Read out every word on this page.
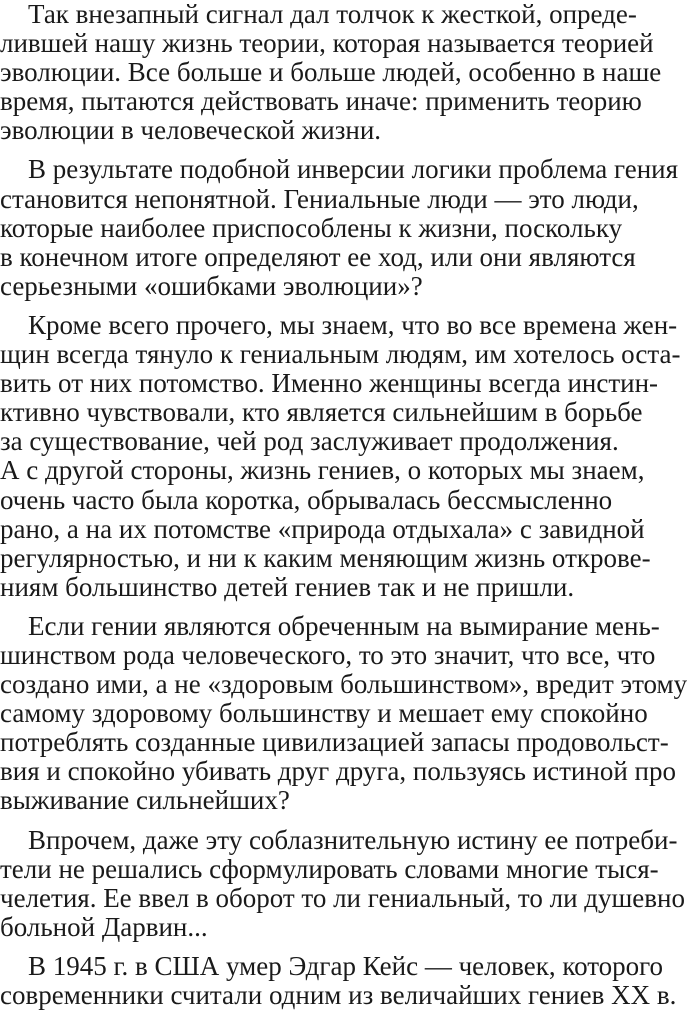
Так внезапный сигнал дал толчок к жесткой, опреде-
лившей нашу жизнь теории, которая называется теорией
эволюции. Все больше и больше людей, особенно в наше
время, пытаются действовать иначе: применить теорию
эволюции в человеческой жизни.
В результате подобной инверсии логики проблема гения
становится непонятной. Гениальные люди — это люди,
которые наиболее приспособлены к жизни, поскольку
в конечном итоге определяют ее ход, или они являются
серьезными «ошибками эволюции»?
Кроме всего прочего, мы знаем, что во все времена жен-
щин всегда тянуло к гениальным людям, им хотелось оста-
вить от них потомство. Именно женщины всегда инстин-
ктивно чувствовали, кто является сильнейшим в борьбе
за существование, чей род заслуживает продолжения.
А с другой стороны, жизнь гениев, о которых мы знаем,
очень часто была коротка, обрывалась бессмысленно
рано, а на их потомстве «природа отдыхала» с завидной
регулярностью, и ни к каким меняющим жизнь открове-
ниям большинство детей гениев так и не пришли.
Если гении являются обреченным на вымирание мень-
шинством рода человеческого, то это значит, что все, что
создано ими, а не «здоровым большинством», вредит этому
самому здоровому большинству и мешает ему спокойно
потреблять созданные цивилизацией запасы продовольст-
вия и спокойно убивать друг друга, пользуясь истиной про
выживание сильнейших?
Впрочем, даже эту соблазнительную истину ее потреби-
тели не решались сформулировать словами многие тыся-
челетия. Ее ввел в оборот то ли гениальный, то ли душевно
больной Дарвин...
В 1945 г. в США умер Эдгар Кейс — человек, которого
современники считали одним из величайших гениев XX в.
